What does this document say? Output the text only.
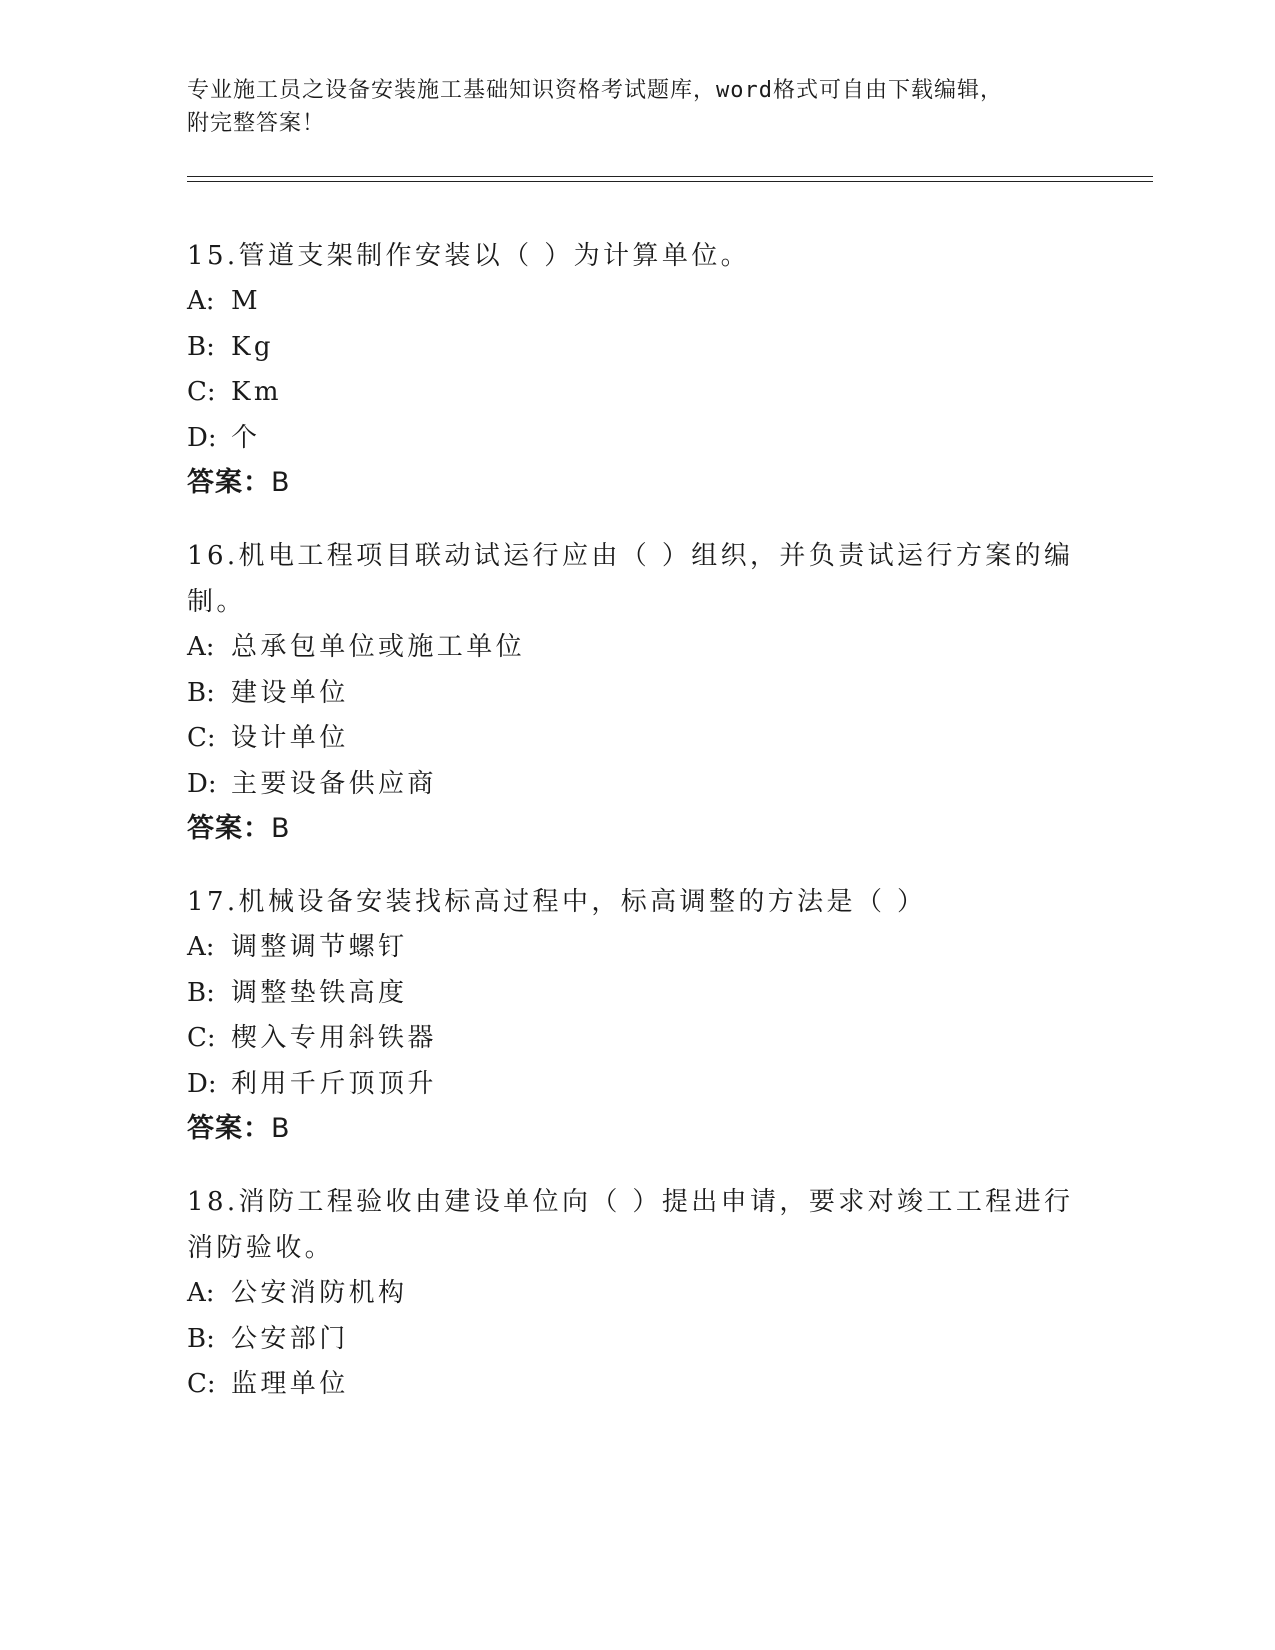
专业施工员之设备安装施工基础知识资格考试题库，word格式可自由下载编辑，
附完整答案！
15.管道支架制作安装以（ ）为计算单位。
A: M
B: Kg
C: Km
D: 个
答案：B
16.机电工程项目联动试运行应由（ ）组织，并负责试运行方案的编
制。
A: 总承包单位或施工单位
B: 建设单位
C: 设计单位
D: 主要设备供应商
答案：B
17.机械设备安装找标高过程中，标高调整的方法是（ ）
A: 调整调节螺钉
B: 调整垫铁高度
C: 楔入专用斜铁器
D: 利用千斤顶顶升
答案：B
18.消防工程验收由建设单位向（ ）提出申请，要求对竣工工程进行
消防验收。
A: 公安消防机构
B: 公安部门
C: 监理单位
